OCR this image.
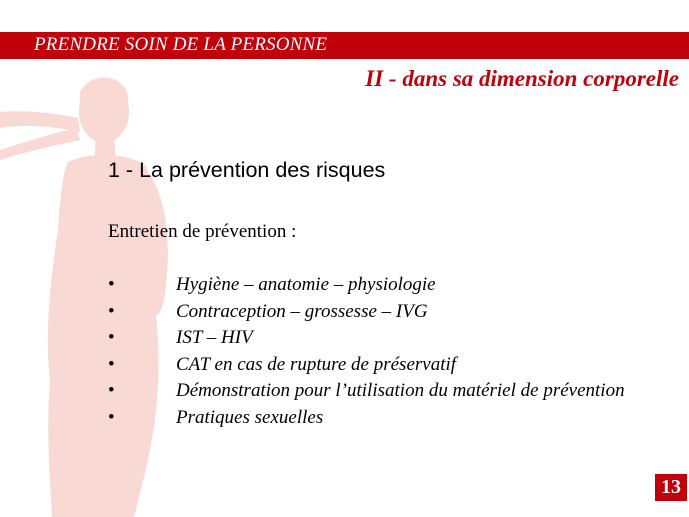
PRENDRE SOIN DE LA PERSONNE
II - dans sa dimension corporelle
1 - La prévention des risques
Entretien de prévention :
•	Hygiène – anatomie – physiologie
•	Contraception – grossesse – IVG
•	IST – HIV
•	CAT en cas de rupture de préservatif
•	Démonstration pour l’utilisation du matériel de prévention
•	Pratiques sexuelles
13
